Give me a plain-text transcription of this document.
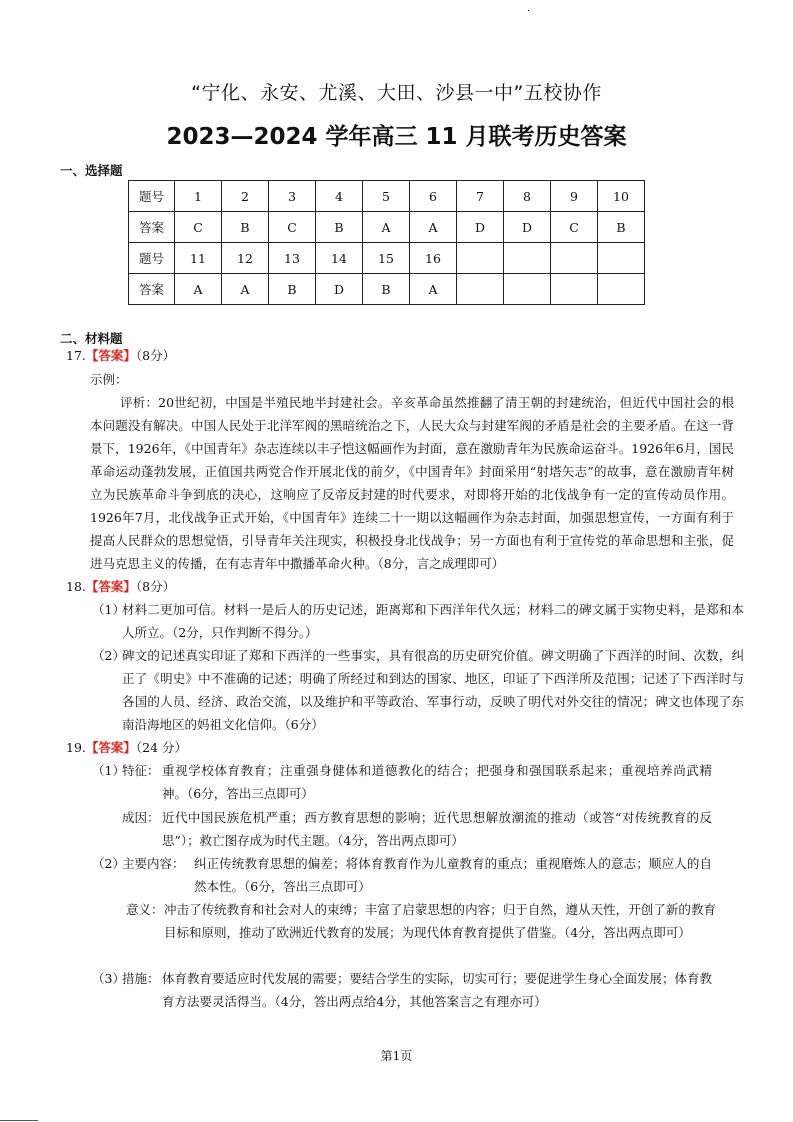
“宁化、永安、尤溪、大田、沙县一中”五校协作
2023—2024 学年高三 11 月联考历史答案
一、选择题
题号	1	2	3	4	5	6	7	8	9	10
答案	C	B	C	B	A	A	D	D	C	B
题号	11	12	13	14	15	16				
答案	A	A	B	D	B	A				
二、材料题
17.【答案】（8分）
示例：
评析：20世纪初，中国是半殖民地半封建社会。辛亥革命虽然推翻了清王朝的封建统治，但近代中国社会的根本问题没有解决。中国人民处于北洋军阀的黑暗统治之下，人民大众与封建军阀的矛盾是社会的主要矛盾。在这一背景下，1926年，《中国青年》杂志连续以丰子恺这幅画作为封面，意在激励青年为民族命运奋斗。1926年6月，国民革命运动蓬勃发展，正值国共两党合作开展北伐的前夕，《中国青年》封面采用“射塔矢志”的故事，意在激励青年树立为民族革命斗争到底的决心，这响应了反帝反封建的时代要求，对即将开始的北伐战争有一定的宣传动员作用。1926年7月，北伐战争正式开始，《中国青年》连续二十一期以这幅画作为杂志封面，加强思想宣传，一方面有利于提高人民群众的思想觉悟，引导青年关注现实，积极投身北伐战争；另一方面也有利于宣传党的革命思想和主张，促进马克思主义的传播，在有志青年中撒播革命火种。（8分，言之成理即可）
18.【答案】（8分）
（1）
材料二更加可信。材料一是后人的历史记述，距离郑和下西洋年代久远；材料二的碑文属于实物史料，是郑和本人所立。（2分，只作判断不得分。）
（2）
碑文的记述真实印证了郑和下西洋的一些事实，具有很高的历史研究价值。碑文明确了下西洋的时间、次数，纠正了《明史》中不准确的记述；明确了所经过和到达的国家、地区，印证了下西洋所及范围；记述了下西洋时与各国的人员、经济、政治交流，以及维护和平等政治、军事行动，反映了明代对外交往的情况；碑文也体现了东南沿海地区的妈祖文化信仰。（6分）
19.【答案】（24 分）
（1）
特征： 重视学校体育教育；注重强身健体和道德教化的结合；把强身和强国联系起来；重视培养尚武精神。（6分，答出三点即可）
成因： 近代中国民族危机严重；西方教育思想的影响；近代思想解放潮流的推动（或答“对传统教育的反思”）；救亡图存成为时代主题。（4分，答出两点即可）
（2）
主要内容： 纠正传统教育思想的偏差；将体育教育作为儿童教育的重点；重视磨炼人的意志；顺应人的自然本性。（6分，答出三点即可）
意义： 冲击了传统教育和社会对人的束缚；丰富了启蒙思想的内容；归于自然，遵从天性，开创了新的教育目标和原则，推动了欧洲近代教育的发展；为现代体育教育提供了借鉴。（4分，答出两点即可）
（3）
措施： 体育教育要适应时代发展的需要；要结合学生的实际，切实可行；要促进学生身心全面发展；体育教育方法要灵活得当。（4分，答出两点给4分，其他答案言之有理亦可）
第1页
